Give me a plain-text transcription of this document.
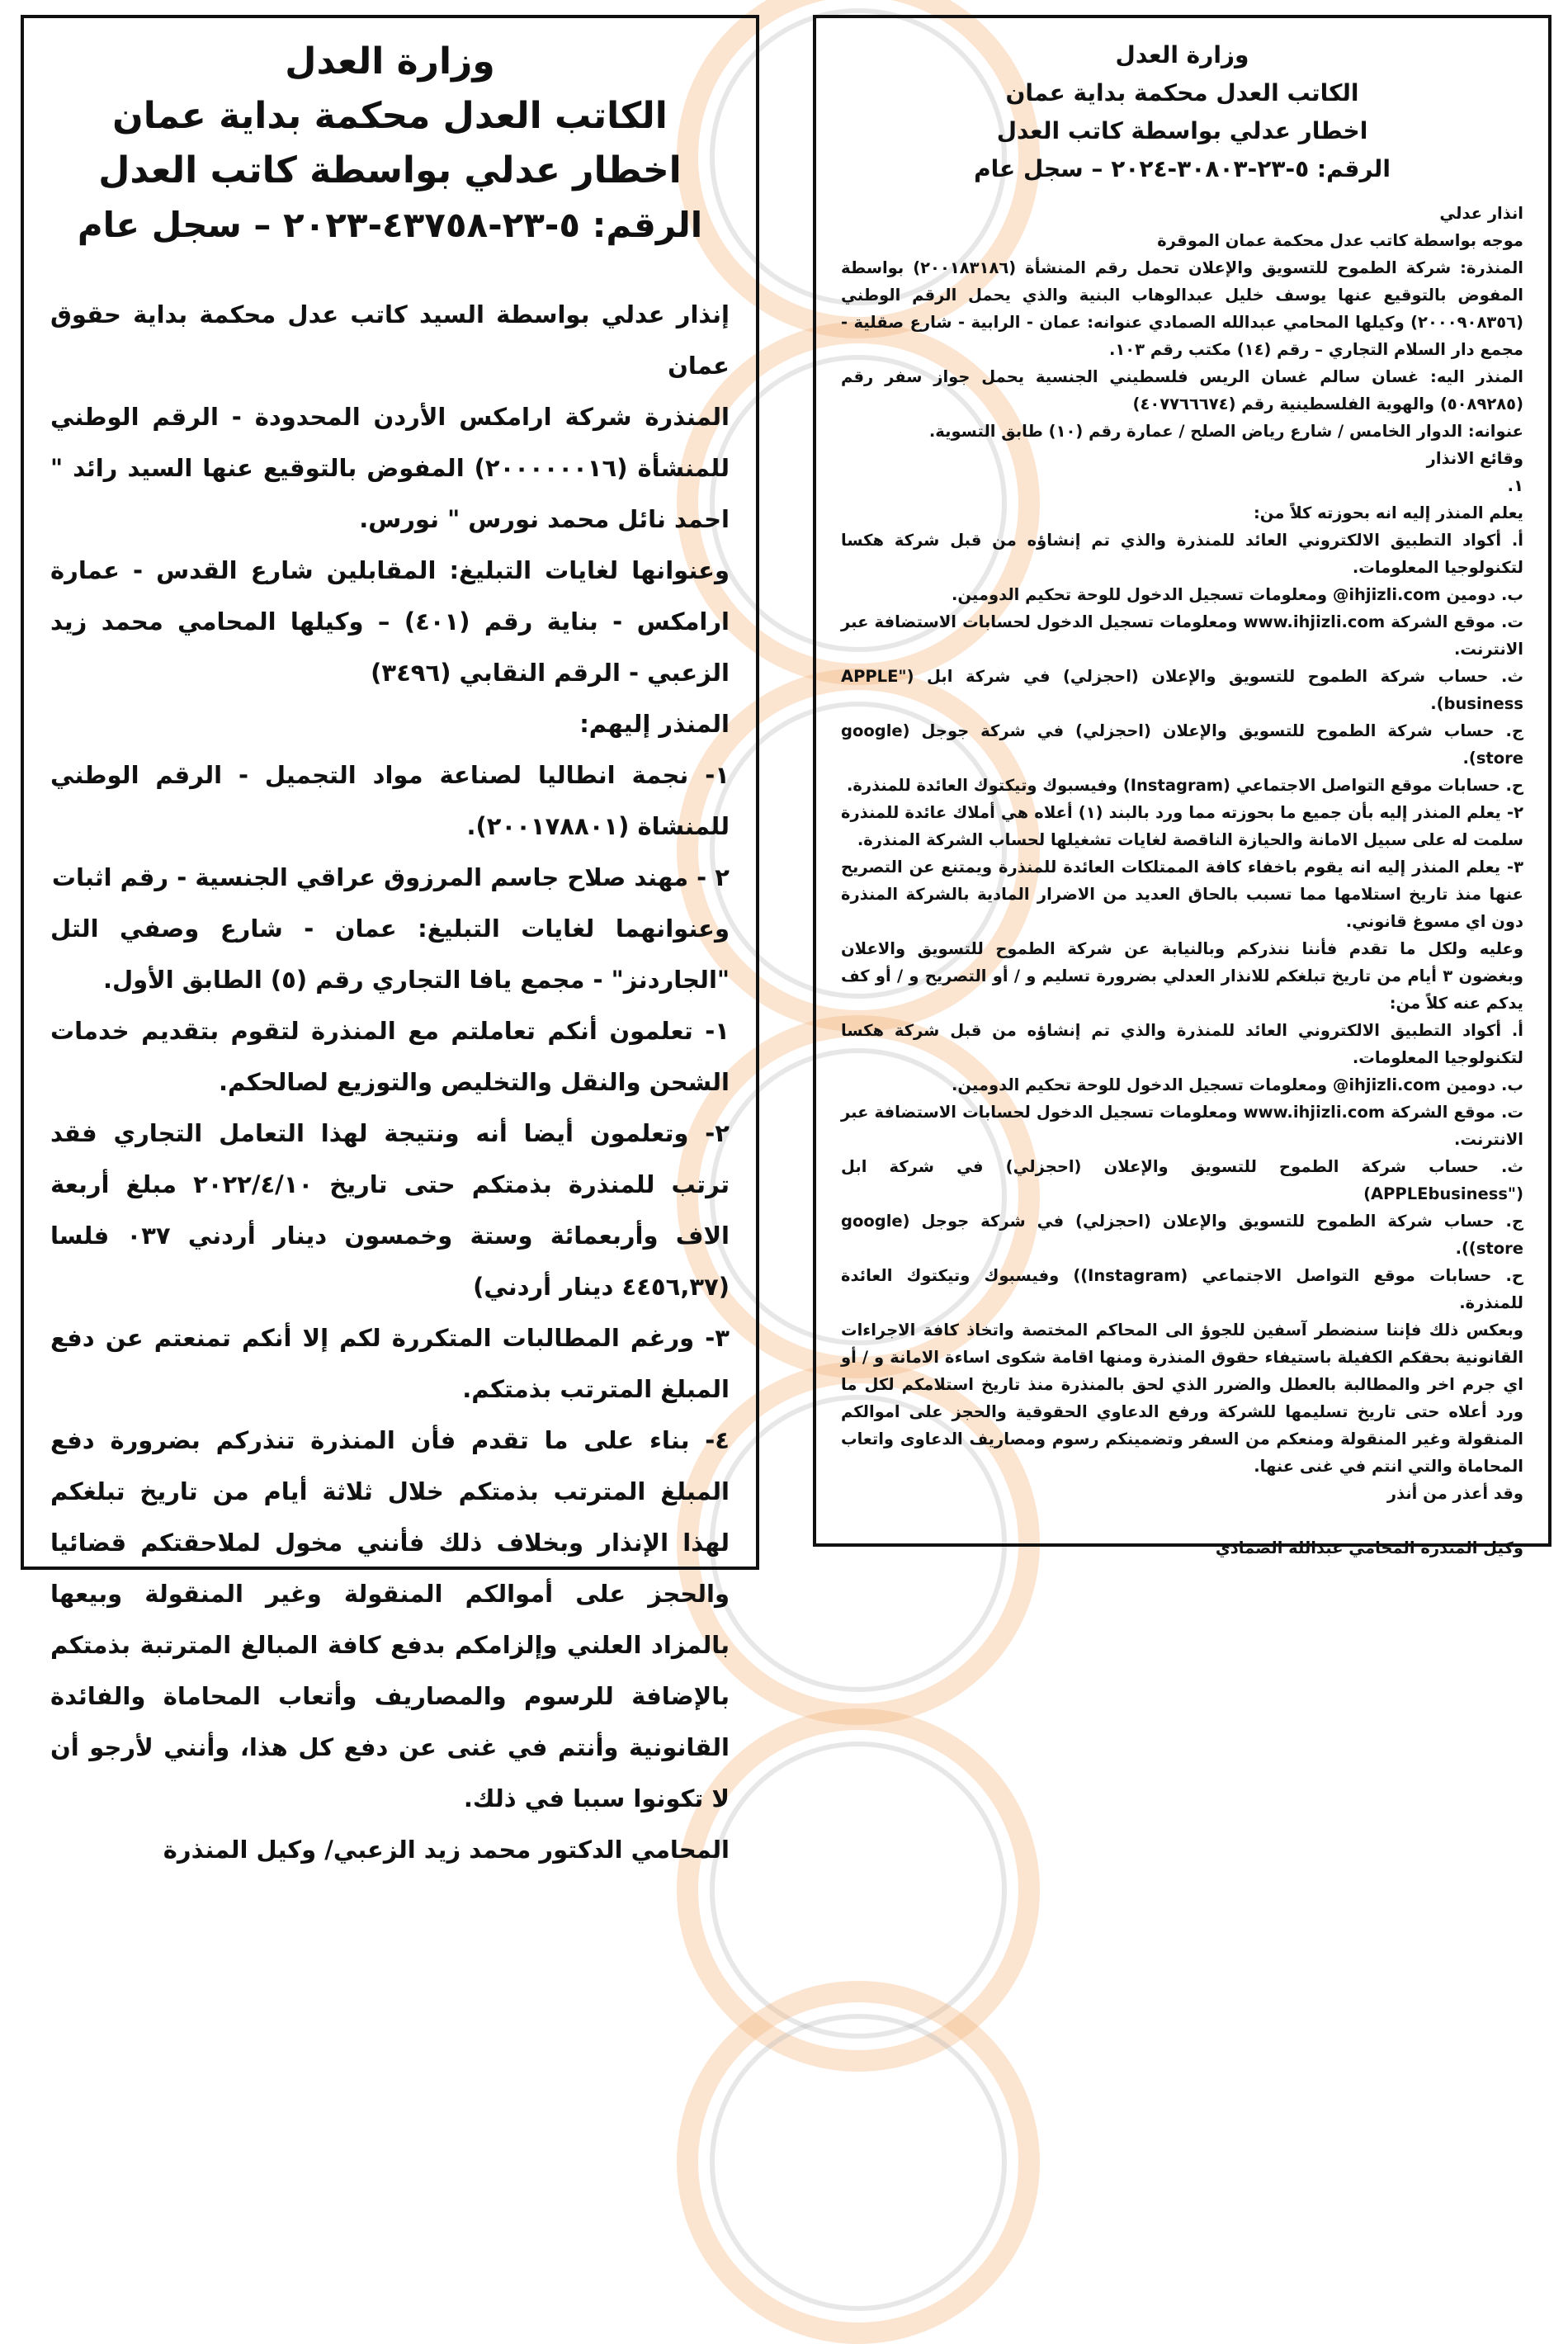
وزارة العدل
الكاتب العدل محكمة بداية عمان
اخطار عدلي بواسطة كاتب العدل
الرقم: ٥-٢٣-٤٣٧٥٨-٢٠٢٣ – سجل عام

إنذار عدلي بواسطة السيد كاتب عدل محكمة بداية حقوق عمان

المنذرة شركة ارامكس الأردن المحدودة - الرقم الوطني للمنشأة (٢٠٠٠٠٠٠١٦) المفوض بالتوقيع عنها السيد رائد " احمد نائل محمد نورس " نورس.

وعنوانها لغايات التبليغ: المقابلين شارع القدس - عمارة ارامكس - بناية رقم (٤٠١) – وكيلها المحامي محمد زيد الزعبي - الرقم النقابي (٣٤٩٦)

المنذر إليهم:

١- نجمة انطاليا لصناعة مواد التجميل - الرقم الوطني للمنشاة (٢٠٠١٧٨٨٠١).

٢ - مهند صلاح جاسم المرزوق عراقي الجنسية - رقم اثبات

وعنوانهما لغايات التبليغ: عمان - شارع وصفي التل "الجاردنز" - مجمع يافا التجاري رقم (٥) الطابق الأول.

١- تعلمون أنكم تعاملتم مع المنذرة لتقوم بتقديم خدمات الشحن والنقل والتخليص والتوزيع لصالحكم.

٢- وتعلمون أيضا أنه ونتيجة لهذا التعامل التجاري فقد ترتب للمنذرة بذمتكم حتى تاريخ ٢٠٢٢/٤/١٠ مبلغ أربعة الاف وأربعمائة وستة وخمسون دينار أردني ٠٣٧ فلسا (٤٤٥٦,٣٧ دينار أردني)

٣- ورغم المطالبات المتكررة لكم إلا أنكم تمنعتم عن دفع المبلغ المترتب بذمتكم.

٤- بناء على ما تقدم فأن المنذرة تنذركم بضرورة دفع المبلغ المترتب بذمتكم خلال ثلاثة أيام من تاريخ تبلغكم لهذا الإنذار وبخلاف ذلك فأنني مخول لملاحقتكم قضائيا والحجز على أموالكم المنقولة وغير المنقولة وبيعها بالمزاد العلني وإلزامكم بدفع كافة المبالغ المترتبة بذمتكم بالإضافة للرسوم والمصاريف وأتعاب المحاماة والفائدة القانونية وأنتم في غنى عن دفع كل هذا، وأنني لأرجو أن لا تكونوا سببا في ذلك.

المحامي الدكتور محمد زيد الزعبي/ وكيل المنذرة

وزارة العدل
الكاتب العدل محكمة بداية عمان
اخطار عدلي بواسطة كاتب العدل
الرقم: ٥-٢٣-٣٠٨٠٣-٢٠٢٤ – سجل عام

انذار عدلي

موجه بواسطة كاتب عدل محكمة عمان الموقرة

المنذرة: شركة الطموح للتسويق والإعلان تحمل رقم المنشأة (٢٠٠١٨٣١٨٦) بواسطة المفوض بالتوقيع عنها يوسف خليل عبدالوهاب البنية والذي يحمل الرقم الوطني (٢٠٠٠٩٠٨٣٥٦) وكيلها المحامي عبدالله الصمادي عنوانه: عمان - الرابية - شارع صقلية - مجمع دار السلام التجاري – رقم (١٤) مكتب رقم ١٠٣.

المنذر اليه: غسان سالم غسان الريس فلسطيني الجنسية يحمل جواز سفر رقم (٥٠٨٩٢٨٥) والهوية الفلسطينية رقم (٤٠٧٧٦٦٦٧٤)

عنوانه: الدوار الخامس / شارع رياض الصلح / عمارة رقم (١٠) طابق التسوية.

وقائع الانذار

١.

يعلم المنذر إليه انه بحوزته كلاً من:

أ. أكواد التطبيق الالكتروني العائد للمنذرة والذي تم إنشاؤه من قبل شركة هكسا لتكنولوجيا المعلومات.

ب. دومين ihjizli.com@ ومعلومات تسجيل الدخول للوحة تحكيم الدومين.

ت. موقع الشركة www.ihjizli.com ومعلومات تسجيل الدخول لحسابات الاستضافة عبر الانترنت.

ث. حساب شركة الطموح للتسويق والإعلان (احجزلي) في شركة ابل ("APPLE business).

ج. حساب شركة الطموح للتسويق والإعلان (احجزلي) في شركة جوجل (google store).

ح. حسابات موقع التواصل الاجتماعي (Instagram) وفيسبوك وتيكتوك العائدة للمنذرة.

٢- يعلم المنذر إليه بأن جميع ما بحوزته مما ورد بالبند (١) أعلاه هي أملاك عائدة للمنذرة سلمت له على سبيل الامانة والحيازة الناقصة لغايات تشغيلها لحساب الشركة المنذرة.

٣- يعلم المنذر إليه انه يقوم باخفاء كافة الممتلكات العائدة للمنذرة ويمتنع عن التصريح عنها منذ تاريخ استلامها مما تسبب بالحاق العديد من الاضرار المادية بالشركة المنذرة دون اي مسوغ قانوني.

وعليه ولكل ما تقدم فأننا ننذركم وبالنيابة عن شركة الطموح للتسويق والاعلان وبغضون ٣ أيام من تاريخ تبلغكم للانذار العدلي بضرورة تسليم و / أو التصريح و / أو كف يدكم عنه كلاً من:

أ. أكواد التطبيق الالكتروني العائد للمنذرة والذي تم إنشاؤه من قبل شركة هكسا لتكنولوجيا المعلومات.

ب. دومين ihjizli.com@ ومعلومات تسجيل الدخول للوحة تحكيم الدومين.

ت. موقع الشركة www.ihjizli.com ومعلومات تسجيل الدخول لحسابات الاستضافة عبر الانترنت.

ث. حساب شركة الطموح للتسويق والإعلان (احجزلي) في شركة ابل ("APPLEbusiness)

ج. حساب شركة الطموح للتسويق والإعلان (احجزلي) في شركة جوجل (google store)).

ح. حسابات موقع التواصل الاجتماعي (Instagram)) وفيسبوك وتيكتوك العائدة للمنذرة.

وبعكس ذلك فإننا سنضطر آسفين للجوؤ الى المحاكم المختصة واتخاذ كافة الاجراءات القانونية بحقكم الكفيلة باستيفاء حقوق المنذرة ومنها اقامة شكوى اساءة الامانة و / أو اي جرم اخر والمطالبة بالعطل والضرر الذي لحق بالمنذرة منذ تاريخ استلامكم لكل ما ورد أعلاه حتى تاريخ تسليمها للشركة ورفع الدعاوي الحقوقية والحجز على اموالكم المنقولة وغير المنقولة ومنعكم من السفر وتضمينكم رسوم ومصاريف الدعاوى واتعاب المحاماة والتي انتم في غنى عنها.

وقد أعذر من أنذر

وكيل المنذرة المحامي عبدالله الصمادي
